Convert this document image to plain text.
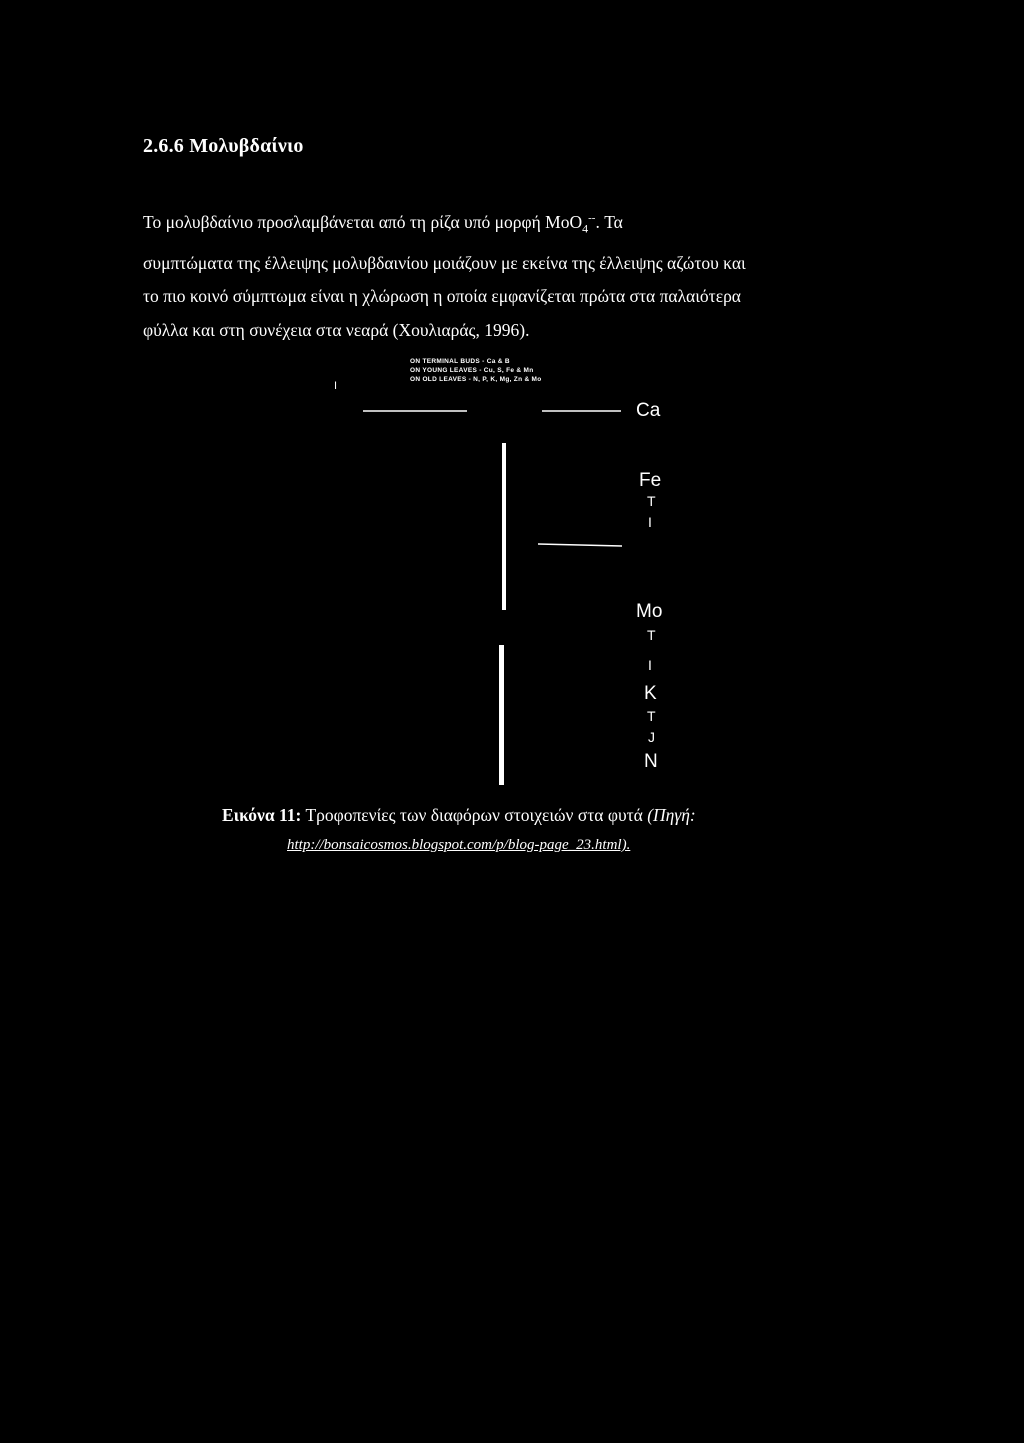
2.6.6 Μολυβδαίνιο

Το μολυβδαίνιο προσλαμβάνεται από τη ρίζα υπό μορφή MoO$_4$--. Τα

συμπτώματα της έλλειψης μολυβδαινίου μοιάζουν με εκείνα της έλλειψης αζώτου και

το πιο κοινό σύμπτωμα είναι η χλώρωση η οποία εμφανίζεται πρώτα στα παλαιότερα

φύλλα και στη συνέχεια στα νεαρά (Χουλιαράς, 1996).

ON TERMINAL BUDS - Ca & B
ON YOUNG LEAVES - Cu, S, Fe & Mn
ON OLD LEAVES - N, P, K, Mg, Zn & Mo
I
Ca
Fe
T
I
Mo
T
I
K
T
J
N
Εικόνα 11: Τροφοπενίες των διαφόρων στοιχειών στα φυτά (Πηγή:
http://bonsaicosmos.blogspot.com/p/blog-page_23.html).
